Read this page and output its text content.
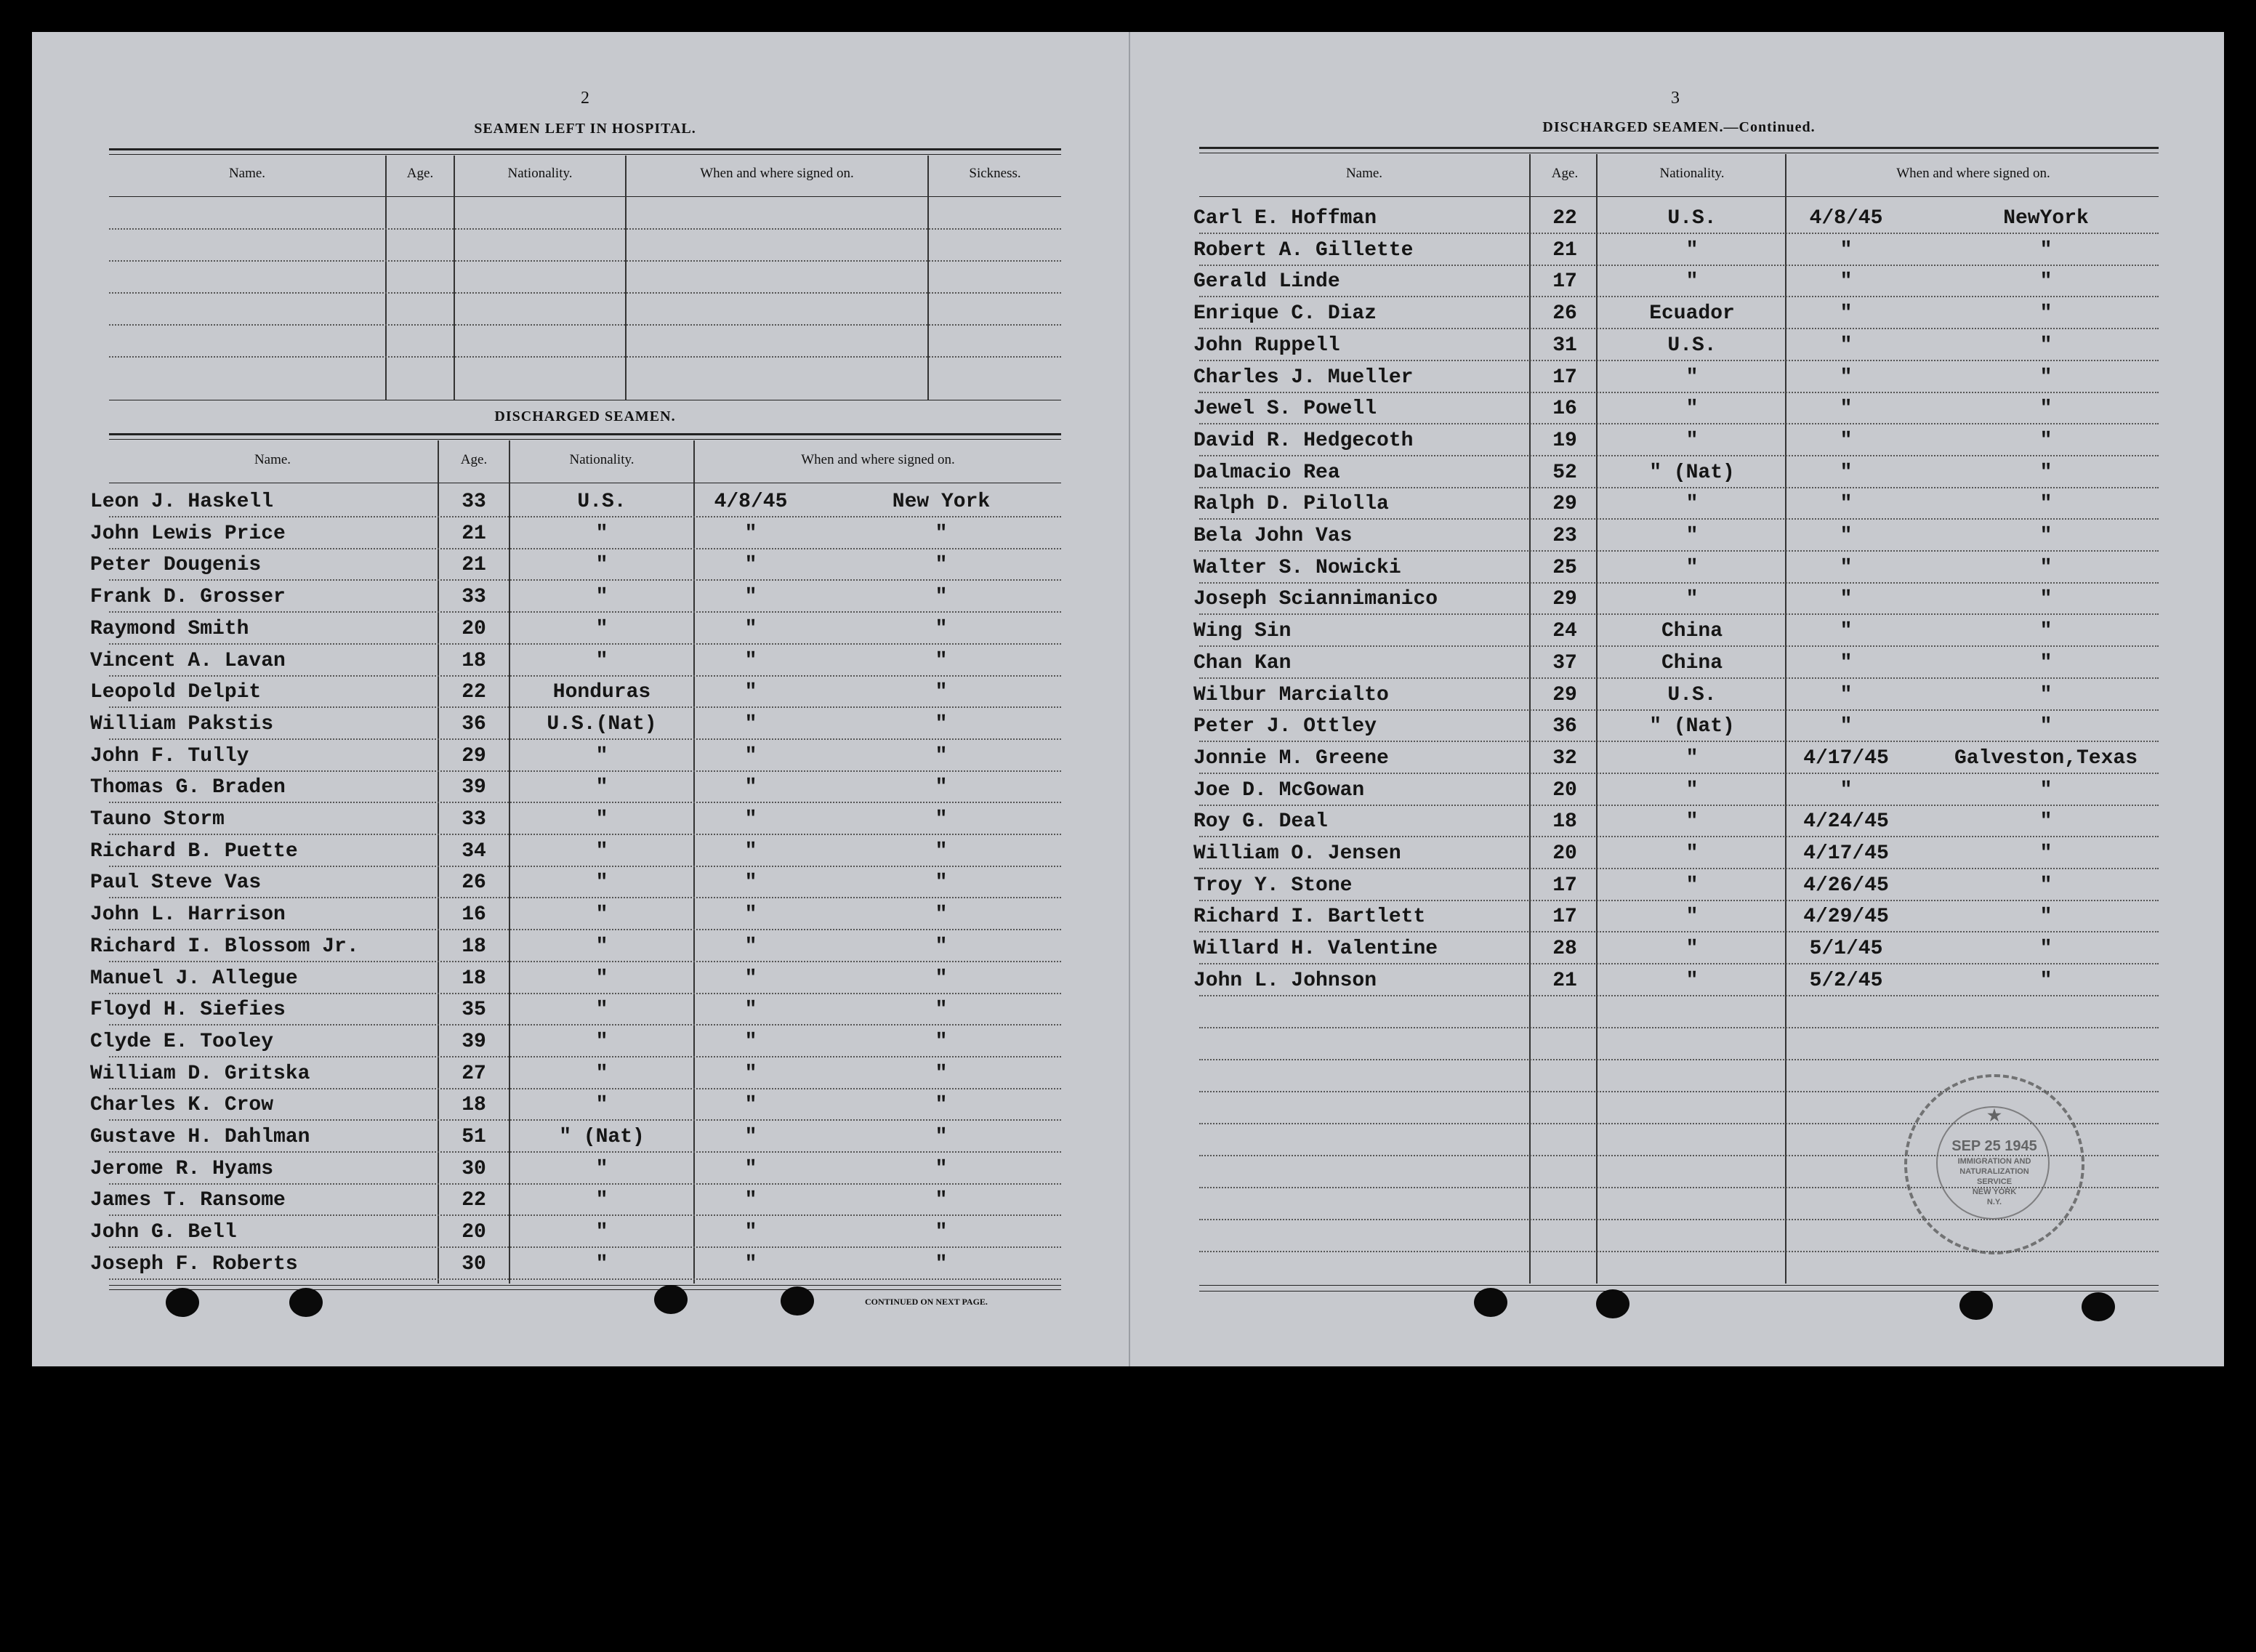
2
SEAMEN LEFT IN HOSPITAL.
Name.	Age.	Nationality.	When and where signed on.	Sickness.
DISCHARGED SEAMEN.
Name.	Age.	Nationality.	When and where signed on.
Leon J. Haskell	33	U.S.	4/8/45	New York
John Lewis Price	21	"	"	"
Peter Dougenis	21	"	"	"
Frank D. Grosser	33	"	"	"
Raymond Smith	20	"	"	"
Vincent A. Lavan	18	"	"	"
Leopold Delpit	22	Honduras	"	"
William Pakstis	36	U.S.(Nat)	"	"
John F. Tully	29	"	"	"
Thomas G. Braden	39	"	"	"
Tauno Storm	33	"	"	"
Richard B. Puette	34	"	"	"
Paul Steve Vas	26	"	"	"
John L. Harrison	16	"	"	"
Richard I. Blossom Jr.	18	"	"	"
Manuel J. Allegue	18	"	"	"
Floyd H. Siefies	35	"	"	"
Clyde E. Tooley	39	"	"	"
William D. Gritska	27	"	"	"
Charles K. Crow	18	"	"	"
Gustave H. Dahlman	51	" (Nat)	"	"
Jerome R. Hyams	30	"	"	"
James T. Ransome	22	"	"	"
John G. Bell	20	"	"	"
Joseph F. Roberts	30	"	"	"
CONTINUED ON NEXT PAGE.
3
DISCHARGED SEAMEN.—Continued.
Name.	Age.	Nationality.	When and where signed on.
Carl E. Hoffman	22	U.S.	4/8/45	NewYork
Robert A. Gillette	21	"	"	"
Gerald Linde	17	"	"	"
Enrique C. Diaz	26	Ecuador	"	"
John Ruppell	31	U.S.	"	"
Charles J. Mueller	17	"	"	"
Jewel S. Powell	16	"	"	"
David R. Hedgecoth	19	"	"	"
Dalmacio Rea	52	" (Nat)	"	"
Ralph D. Pilolla	29	"	"	"
Bela John Vas	23	"	"	"
Walter S. Nowicki	25	"	"	"
Joseph Sciannimanico	29	"	"	"
Wing Sin	24	China	"	"
Chan Kan	37	China	"	"
Wilbur Marcialto	29	U.S.	"	"
Peter J. Ottley	36	" (Nat)	"	"
Jonnie M. Greene	32	"	4/17/45	Galveston,Texas
Joe D. McGowan	20	"	"	"
Roy G. Deal	18	"	4/24/45	"
William O. Jensen	20	"	4/17/45	"
Troy Y. Stone	17	"	4/26/45	"
Richard I. Bartlett	17	"	4/29/45	"
Willard H. Valentine	28	"	5/1/45	"
John L. Johnson	21	"	5/2/45	"
★
SEP 25 1945
IMMIGRATION AND
NATURALIZATION
SERVICE
NEW YORK
N.Y.
